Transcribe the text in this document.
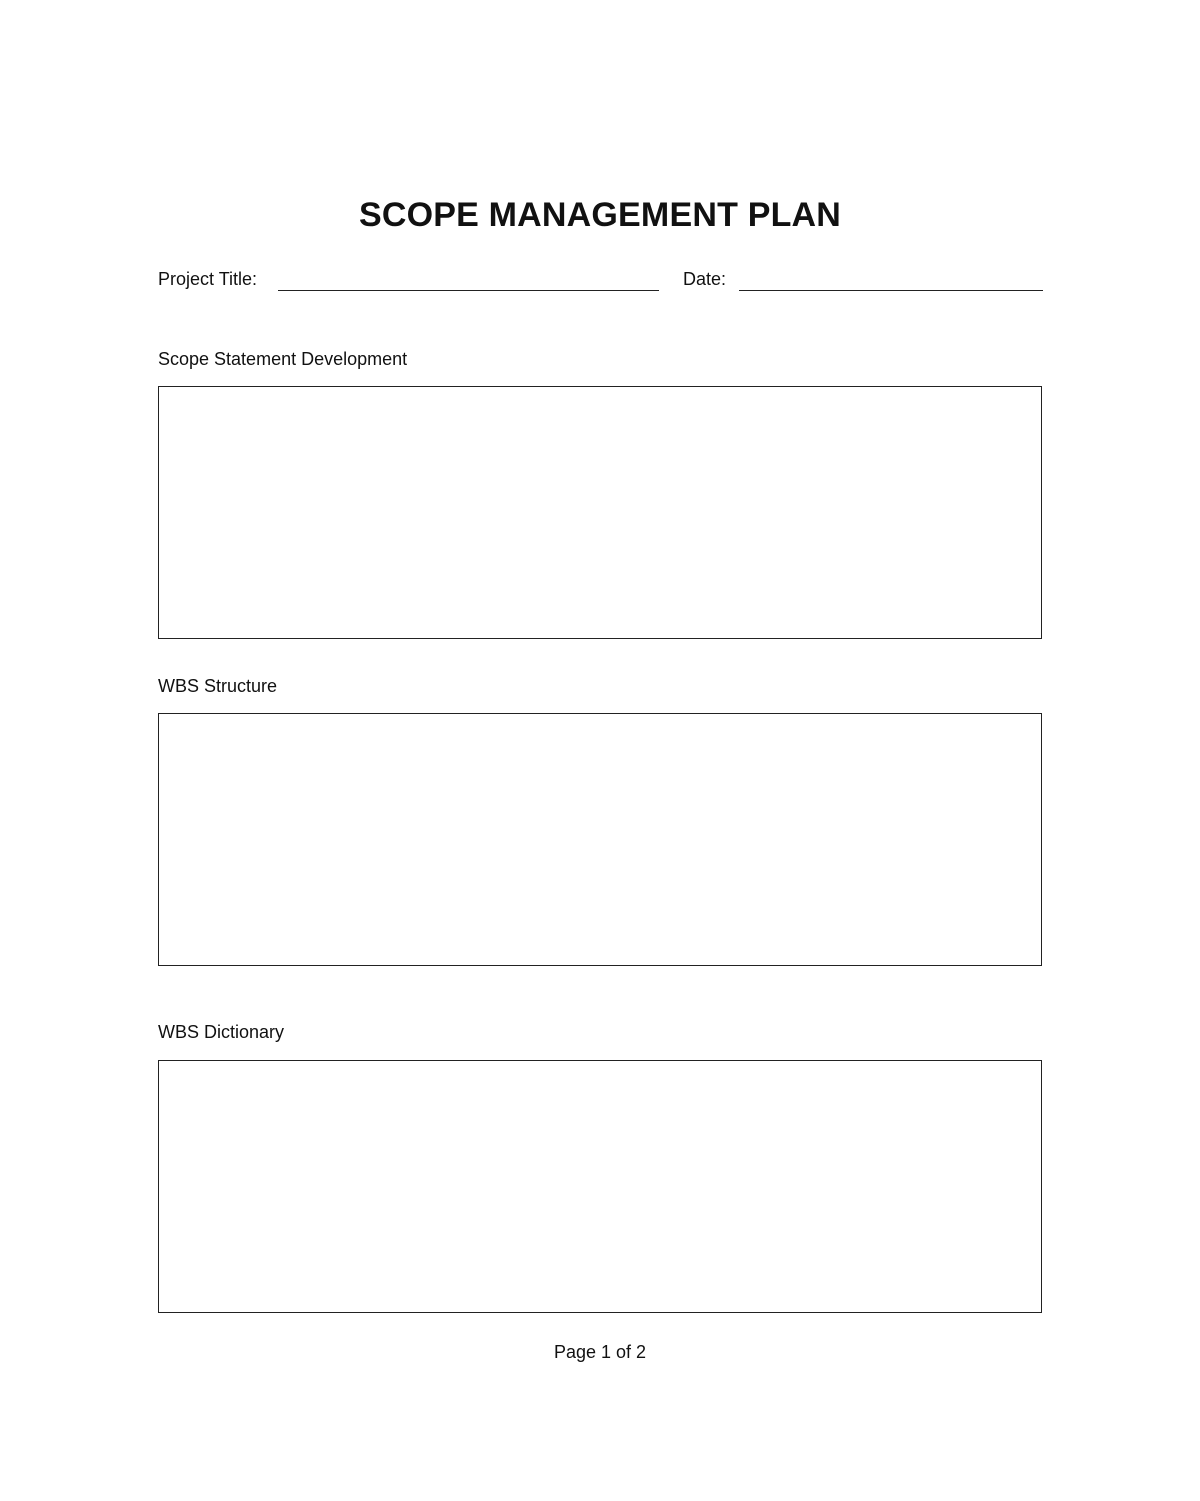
SCOPE MANAGEMENT PLAN
Project Title:	Date:
Scope Statement Development
WBS Structure
WBS Dictionary
Page 1 of 2
